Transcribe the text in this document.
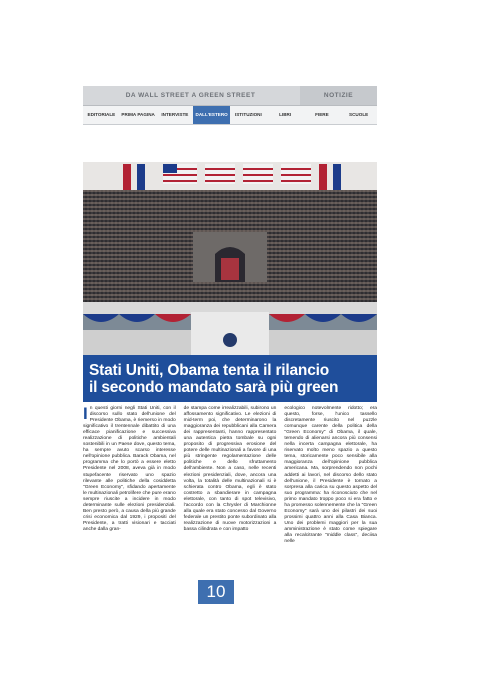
DA WALL STREET A GREEN STREET	NOTIZIE
EDITORIALE	PRIMA PAGINA	INTERVISTE	DALL'ESTERO	ISTITUZIONI	LIBRI	FIERE	SCUOLE
Stati Uniti, Obama tenta il rilancio
il secondo mandato sarà più green

In questi giorni negli Stati Uniti, con il discorso sullo stato dell'unione del Presidente Obama, è riemerso in modo significativo il trentennale dibattito di una efficace pianificazione e successiva realizzazione di politiche ambientali sostenibili in un Paese dove, questo tema, ha sempre avuto scarso interesse nell'opinione pubblica. Barack Obama, nel programma che lo portò a essere eletto Presidente nel 2008, aveva già in modo stupefacente riservato uno spazio rilevante alle politiche della cosiddetta "Green Economy", sfidando apertamente le multinazionali petrolifere che pure erano sempre riuscite a incidere in modo determinante sulle elezioni presidenziali. Ben presto però, a causa della più grande crisi economica dal 1929, i propositi del Presidente, a tratti visionari e tacciati anche dalla gran-

de stampa come irrealizzabili, subirono un affossamento significativo. Le elezioni di mid-term poi, che determinarono la maggioranza dei repubblicani alla Camera dei rappresentanti, hanno rappresentato una autentica pietra tombale su ogni proposito di progressiva erosione del potere delle multinazionali a favore di una più stringente regolamentazione delle politiche e dello sfruttamento dell'ambiente. Non a caso, nelle recenti elezioni presidenziali, dove, ancora una volta, la totalità delle multinazionali si è schierata contro Obama, egli è stato costretto a sbandierare in campagna elettorale, con tanto di spot televisivo, l'accordo con la Chrysler di Marchionne alla quale era stato concesso dal Governo federale un prestito ponte subordinato alla realizzazione di nuove motorizzazioni a bassa cilindrata e con impatto

ecologico notevolmente ridotto; era questo, forse, l'unico tassello discretamente riuscito nel puzzle comunque carente della politica della "Green Economy" di Obama, il quale, temendo di alienarsi ancora più consensi nella incerta campagna elettorale, ha riservato molto meno spazio a questo tema, storicamente poco sensibile alla maggioranza dell'opinione pubblica americana. Ma, sorprendendo non pochi addetti ai lavori, nel discorso dello stato dell'unione, il Presidente è tornato a sorpresa alla carica su questo aspetto del suo programma: ha riconosciuto che nel primo mandato troppo poco si era fatto e ha promesso solennemente che la "Green Economy" sarà uno dei pilastri dei suoi prossimi quattro anni alla Casa Bianca. Uno dei problemi maggiori per la sua amministrazione è stato come spiegare alla recalcitrante "middle class", deciisa nelle

10
